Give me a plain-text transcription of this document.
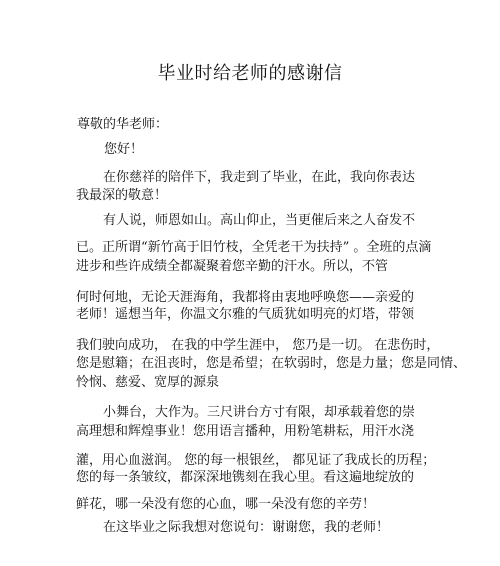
毕业时给老师的感谢信
尊敬的华老师：
您好！
在你慈祥的陪伴下，我走到了毕业，在此，我向你表达
我最深的敬意！
有人说，师恩如山。高山仰止，当更催后来之人奋发不
已。正所谓“新竹高于旧竹枝，全凭老干为扶持” 。全班的点滴
进步和些许成绩全都凝聚着您辛勤的汗水。所以，不管
何时何地，无论天涯海角，我都将由衷地呼唤您——亲爱的
老师！遥想当年，你温文尔雅的气质犹如明亮的灯塔，带领
我们驶向成功， 在我的中学生涯中， 您乃是一切。 在悲伤时，
您是慰籍；在沮丧时，您是希望；在软弱时，您是力量；您是同情、
怜悯、慈爱、宽厚的源泉
小舞台，大作为。三尺讲台方寸有限，却承载着您的崇
高理想和辉煌事业！您用语言播种，用粉笔耕耘，用汗水浇
灌，用心血滋润。 您的每一根银丝， 都见证了我成长的历程；
您的每一条皱纹，都深深地镌刻在我心里。看这遍地绽放的
鲜花，哪一朵没有您的心血，哪一朵没有您的辛劳！
在这毕业之际我想对您说句：谢谢您，我的老师！
